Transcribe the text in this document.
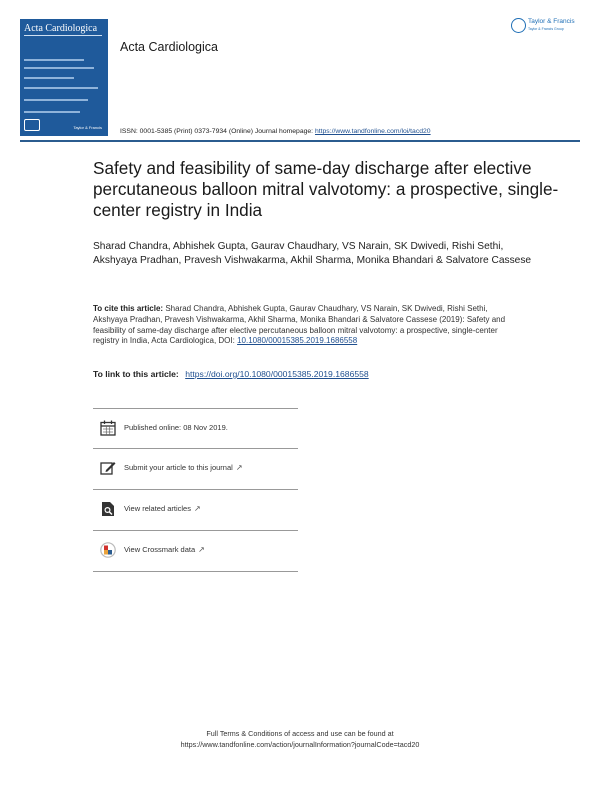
Acta Cardiologica
Taylor & Francis
Acta Cardiologica
Taylor & Francis
Taylor & Francis Group
ISSN: 0001-5385 (Print) 0373-7934 (Online) Journal homepage: https://www.tandfonline.com/loi/tacd20
Safety and feasibility of same-day discharge after elective percutaneous balloon mitral valvotomy: a prospective, single-center registry in India
Sharad Chandra, Abhishek Gupta, Gaurav Chaudhary, VS Narain, SK Dwivedi, Rishi Sethi, Akshyaya Pradhan, Pravesh Vishwakarma, Akhil Sharma, Monika Bhandari & Salvatore Cassese
To cite this article: Sharad Chandra, Abhishek Gupta, Gaurav Chaudhary, VS Narain, SK Dwivedi, Rishi Sethi, Akshyaya Pradhan, Pravesh Vishwakarma, Akhil Sharma, Monika Bhandari & Salvatore Cassese (2019): Safety and feasibility of same-day discharge after elective percutaneous balloon mitral valvotomy: a prospective, single-center registry in India, Acta Cardiologica, DOI: 10.1080/00015385.2019.1686558
To link to this article: https://doi.org/10.1080/00015385.2019.1686558
Published online: 08 Nov 2019.
Submit your article to this journal ↗
View related articles ↗
View Crossmark data ↗
Full Terms & Conditions of access and use can be found at
https://www.tandfonline.com/action/journalInformation?journalCode=tacd20
